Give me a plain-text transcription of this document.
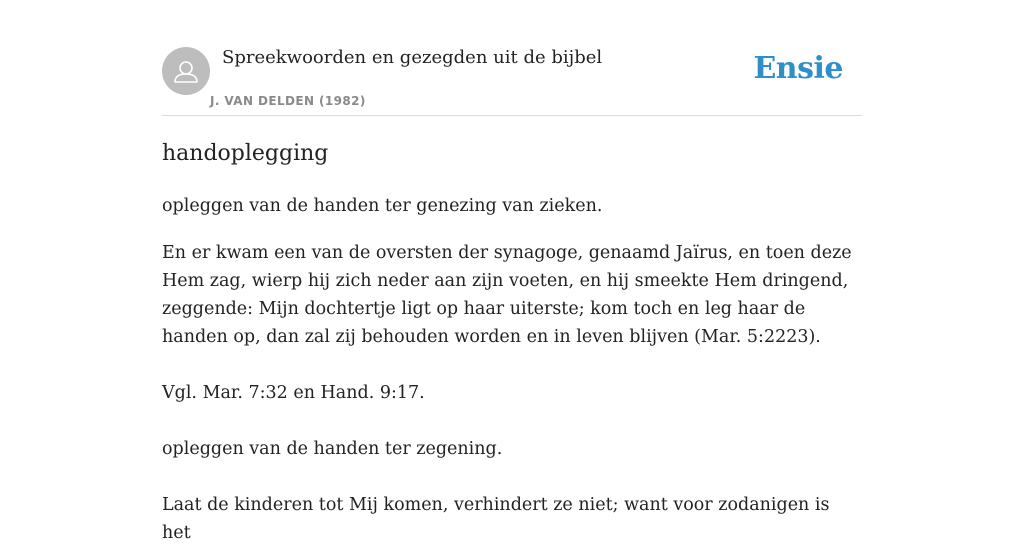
Spreekwoorden en gezegden uit de bijbel
J. VAN DELDEN (1982)
Ensie
handoplegging
opleggen van de handen ter genezing van zieken.
En er kwam een van de oversten der synagoge, genaamd Jaïrus, en toen deze Hem zag, wierp hij zich neder aan zijn voeten, en hij smeekte Hem dringend, zeggende: Mijn dochtertje ligt op haar uiterste; kom toch en leg haar de handen op, dan zal zij behouden worden en in leven blijven (Mar. 5:2223).
Vgl. Mar. 7:32 en Hand. 9:17.
opleggen van de handen ter zegening.
Laat de kinderen tot Mij komen, verhindert ze niet; want voor zodanigen is het
